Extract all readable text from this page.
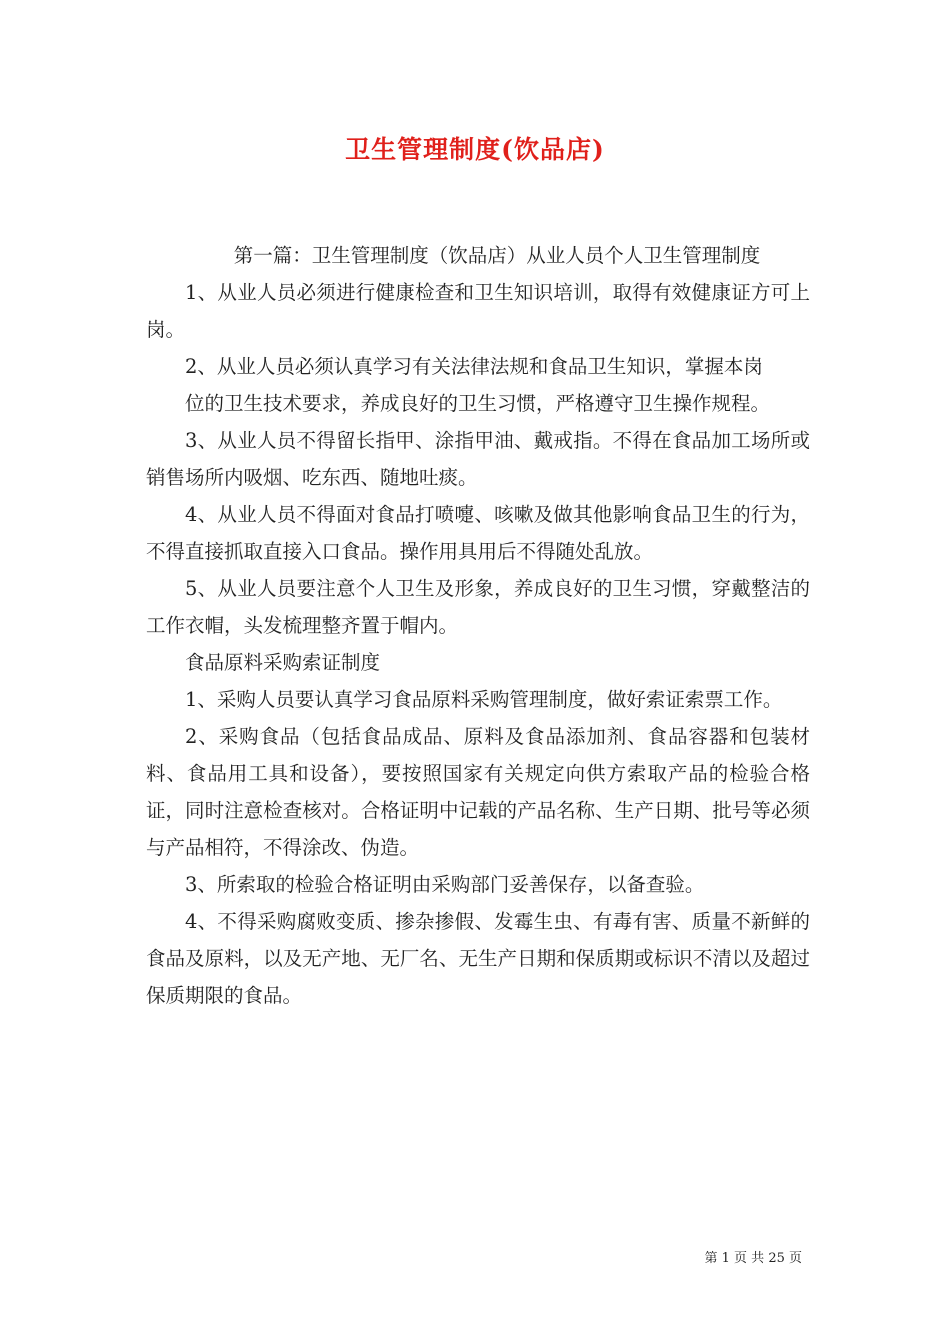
卫生管理制度(饮品店)

第一篇：卫生管理制度（饮品店）从业人员个人卫生管理制度

1、从业人员必须进行健康检查和卫生知识培训，取得有效健康证方可上岗。

2、从业人员必须认真学习有关法律法规和食品卫生知识，掌握本岗

位的卫生技术要求，养成良好的卫生习惯，严格遵守卫生操作规程。

3、从业人员不得留长指甲、涂指甲油、戴戒指。不得在食品加工场所或销售场所内吸烟、吃东西、随地吐痰。

4、从业人员不得面对食品打喷嚏、咳嗽及做其他影响食品卫生的行为，不得直接抓取直接入口食品。操作用具用后不得随处乱放。

5、从业人员要注意个人卫生及形象，养成良好的卫生习惯，穿戴整洁的工作衣帽，头发梳理整齐置于帽内。

食品原料采购索证制度

1、采购人员要认真学习食品原料采购管理制度，做好索证索票工作。

2、采购食品（包括食品成品、原料及食品添加剂、食品容器和包装材料、食品用工具和设备），要按照国家有关规定向供方索取产品的检验合格证，同时注意检查核对。合格证明中记载的产品名称、生产日期、批号等必须与产品相符，不得涂改、伪造。

3、所索取的检验合格证明由采购部门妥善保存，以备查验。

4、不得采购腐败变质、掺杂掺假、发霉生虫、有毒有害、质量不新鲜的食品及原料，以及无产地、无厂名、无生产日期和保质期或标识不清以及超过保质期限的食品。

第 1 页 共 25 页
